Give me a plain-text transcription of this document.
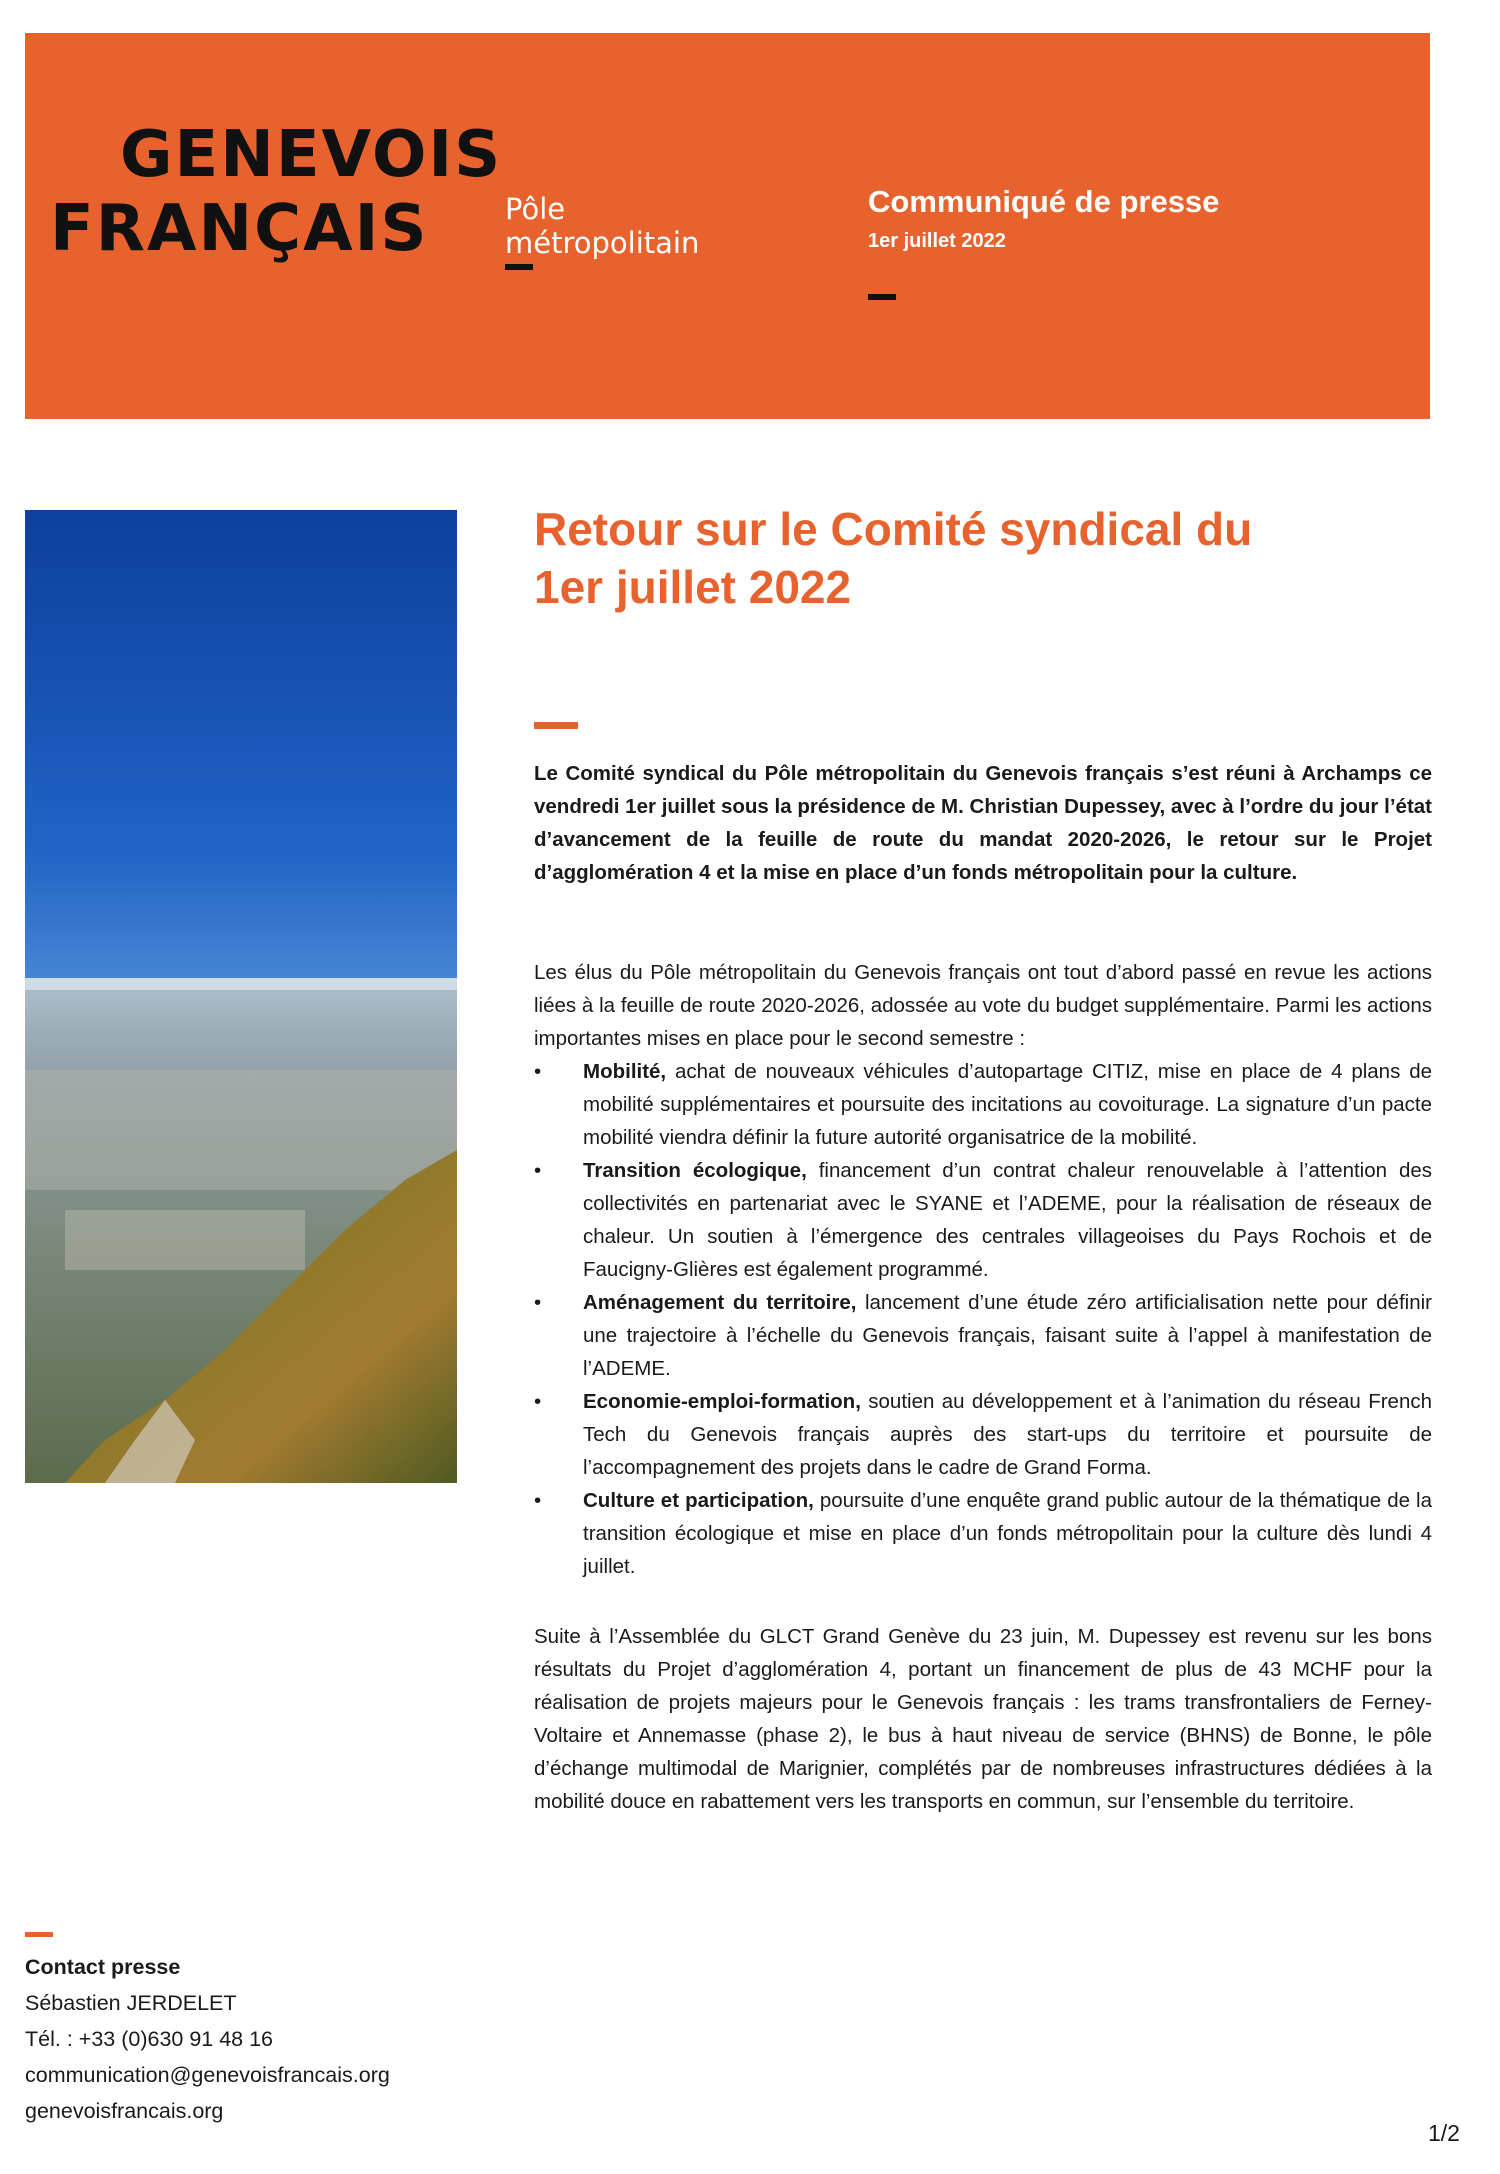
GENEVOIS
FRANÇAIS	Pôle
métropolitain
Communiqué de presse
1er juillet 2022
Retour sur le Comité syndical du
1er juillet 2022

Le Comité syndical du Pôle métropolitain du Genevois français s’est réuni à Archamps ce vendredi 1er juillet sous la présidence de M. Christian Dupessey, avec à l’ordre du jour l’état d’avancement de la feuille de route du mandat 2020-2026, le retour sur le Projet d’agglomération 4 et la mise en place d’un fonds métropolitain pour la culture.

Les élus du Pôle métropolitain du Genevois français ont tout d’abord passé en revue les actions liées à la feuille de route 2020-2026, adossée au vote du budget supplémentaire. Parmi les actions importantes mises en place pour le second semestre :

• Mobilité, achat de nouveaux véhicules d’autopartage CITIZ, mise en place de 4 plans de mobilité supplémentaires et poursuite des incitations au covoiturage. La signature d’un pacte mobilité viendra définir la future autorité organisatrice de la mobilité.
• Transition écologique, financement d’un contrat chaleur renouvelable à l’attention des collectivités en partenariat avec le SYANE et l’ADEME, pour la réalisation de réseaux de chaleur. Un soutien à l’émergence des centrales villageoises du Pays Rochois et de Faucigny-Glières est également programmé.
• Aménagement du territoire, lancement d’une étude zéro artificialisation nette pour définir une trajectoire à l’échelle du Genevois français, faisant suite à l’appel à manifestation de l’ADEME.
• Economie-emploi-formation, soutien au développement et à l’animation du réseau French Tech du Genevois français auprès des start-ups du territoire et poursuite de l’accompagnement des projets dans le cadre de Grand Forma.
• Culture et participation, poursuite d’une enquête grand public autour de la thématique de la transition écologique et mise en place d’un fonds métropolitain pour la culture dès lundi 4 juillet.

Suite à l’Assemblée du GLCT Grand Genève du 23 juin, M. Dupessey est revenu sur les bons résultats du Projet d’agglomération 4, portant un financement de plus de 43 MCHF pour la réalisation de projets majeurs pour le Genevois français : les trams transfrontaliers de Ferney-Voltaire et Annemasse (phase 2), le bus à haut niveau de service (BHNS) de Bonne, le pôle d’échange multimodal de Marignier, complétés par de nombreuses infrastructures dédiées à la mobilité douce en rabattement vers les transports en commun, sur l’ensemble du territoire.

Contact presse
Sébastien JERDELET
Tél. : +33 (0)630 91 48 16
communication@genevoisfrancais.org
genevoisfrancais.org
1/2
